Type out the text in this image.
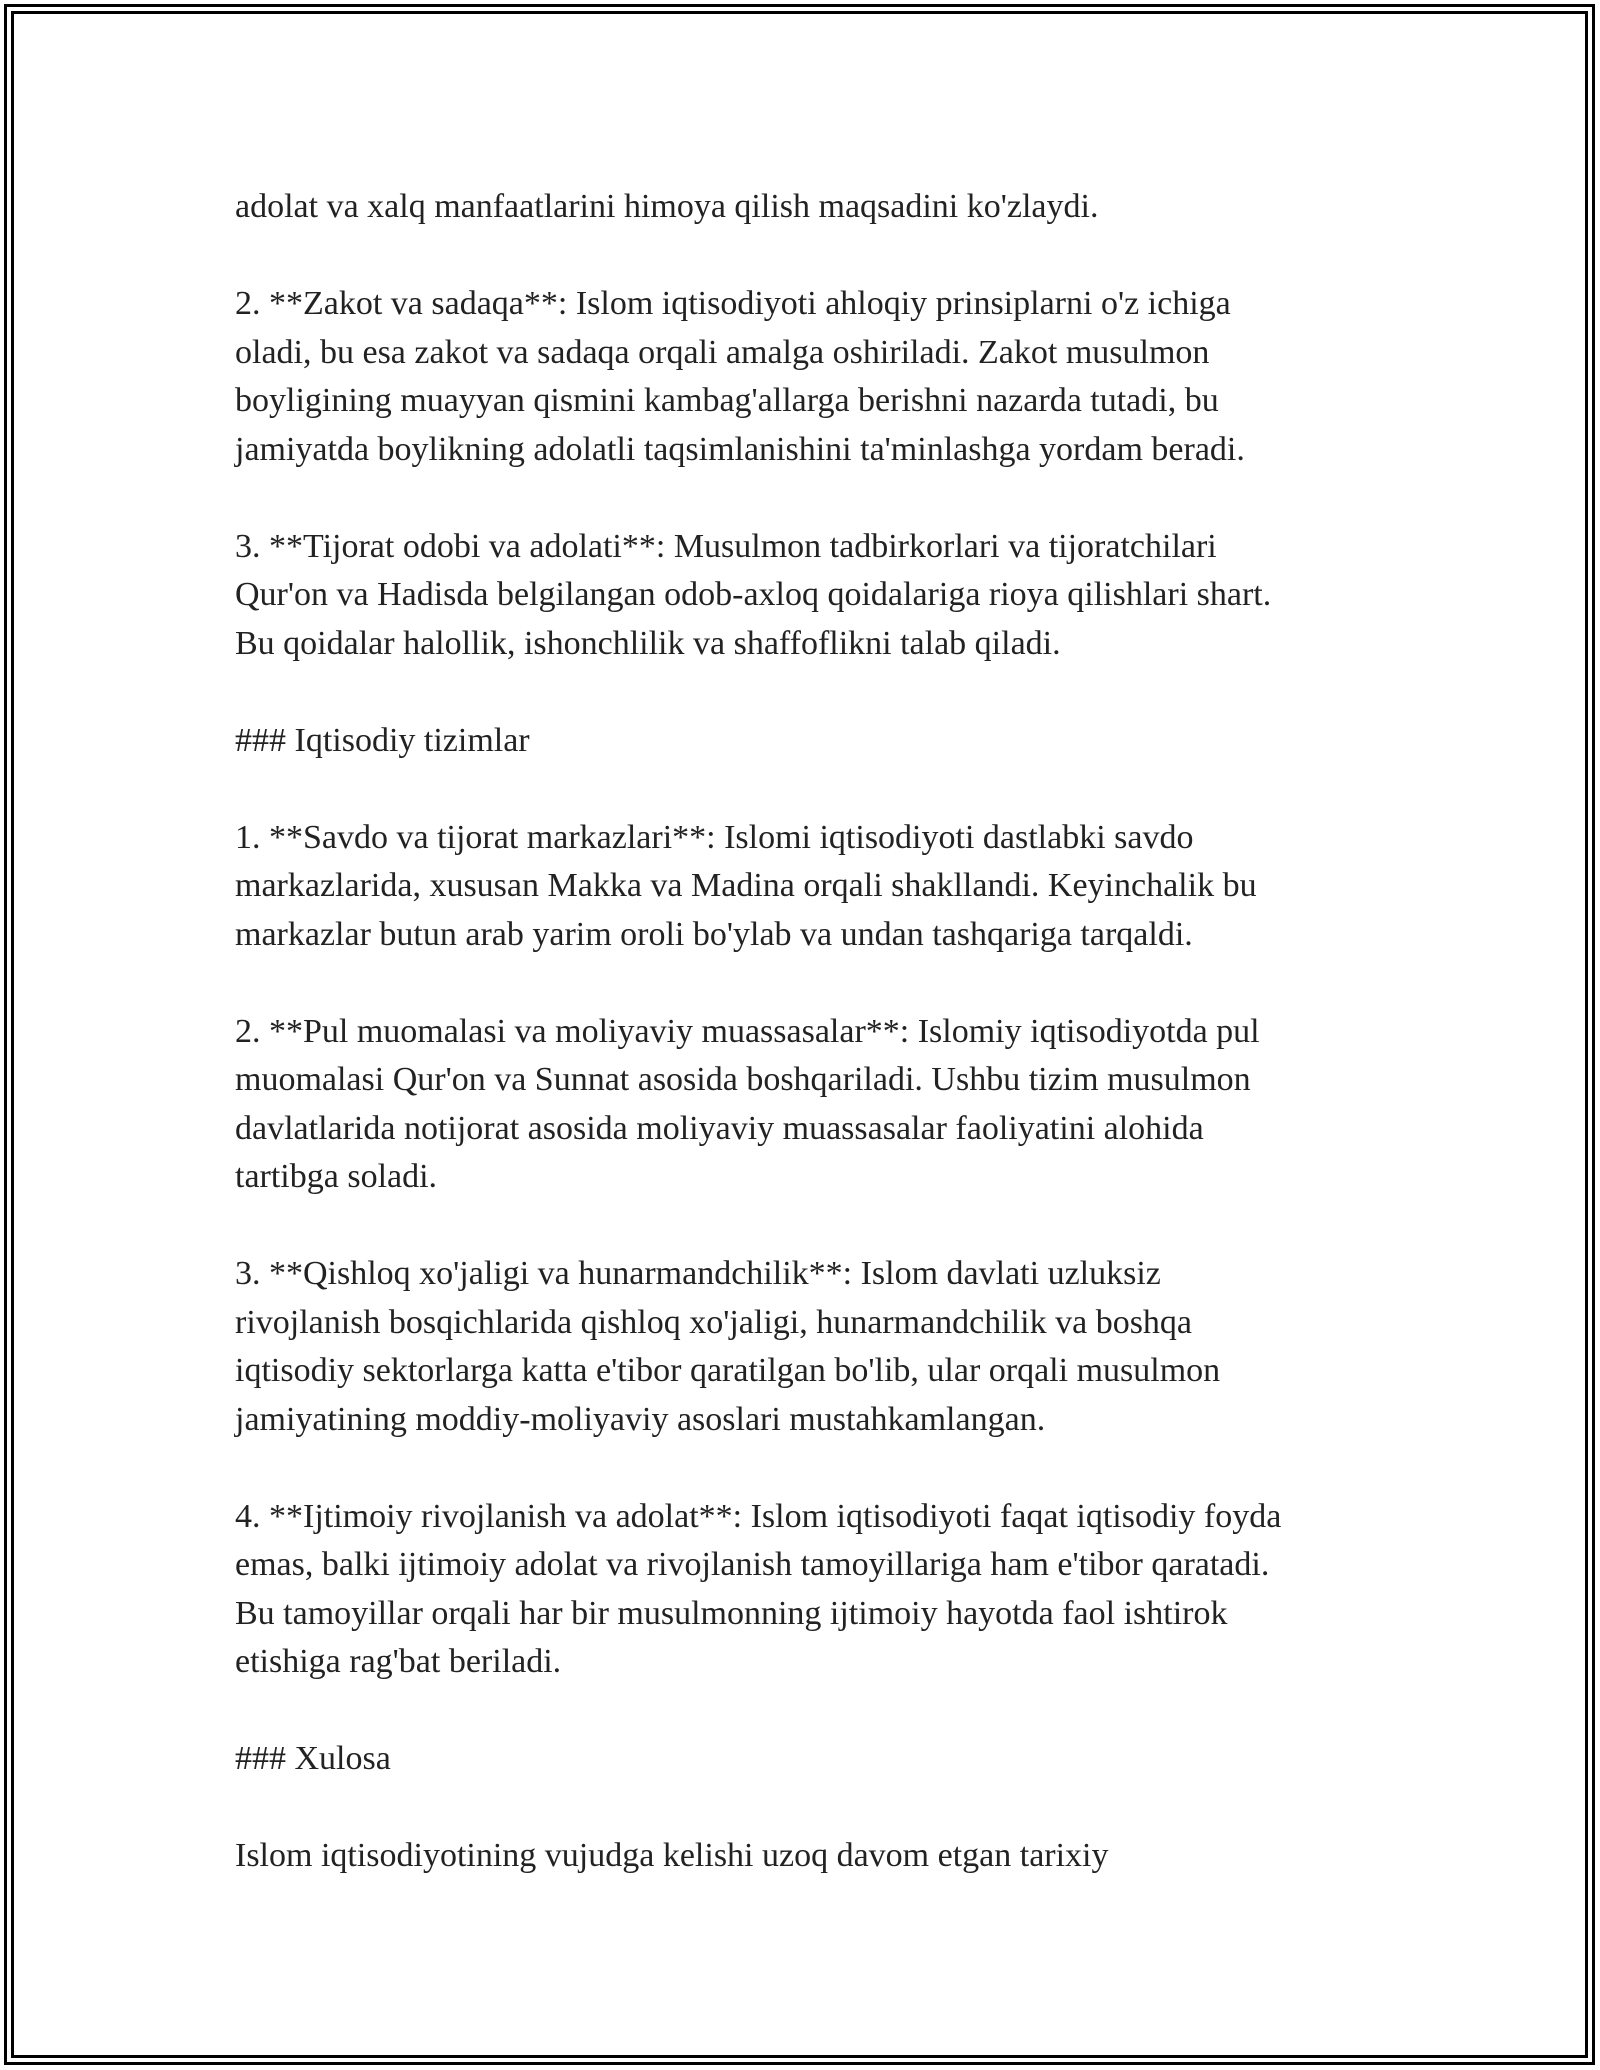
adolat va xalq manfaatlarini himoya qilish maqsadini ko'zlaydi.
2. **Zakot va sadaqa**: Islom iqtisodiyoti ahloqiy prinsiplarni o'z ichiga
oladi, bu esa zakot va sadaqa orqali amalga oshiriladi. Zakot musulmon
boyligining muayyan qismini kambag'allarga berishni nazarda tutadi, bu
jamiyatda boylikning adolatli taqsimlanishini ta'minlashga yordam beradi.
3. **Tijorat odobi va adolati**: Musulmon tadbirkorlari va tijoratchilari
Qur'on va Hadisda belgilangan odob-axloq qoidalariga rioya qilishlari shart.
Bu qoidalar halollik, ishonchlilik va shaffoflikni talab qiladi.
### Iqtisodiy tizimlar
1. **Savdo va tijorat markazlari**: Islomi iqtisodiyoti dastlabki savdo
markazlarida, xususan Makka va Madina orqali shakllandi. Keyinchalik bu
markazlar butun arab yarim oroli bo'ylab va undan tashqariga tarqaldi.
2. **Pul muomalasi va moliyaviy muassasalar**: Islomiy iqtisodiyotda pul
muomalasi Qur'on va Sunnat asosida boshqariladi. Ushbu tizim musulmon
davlatlarida notijorat asosida moliyaviy muassasalar faoliyatini alohida
tartibga soladi.
3. **Qishloq xo'jaligi va hunarmandchilik**: Islom davlati uzluksiz
rivojlanish bosqichlarida qishloq xo'jaligi, hunarmandchilik va boshqa
iqtisodiy sektorlarga katta e'tibor qaratilgan bo'lib, ular orqali musulmon
jamiyatining moddiy-moliyaviy asoslari mustahkamlangan.
4. **Ijtimoiy rivojlanish va adolat**: Islom iqtisodiyoti faqat iqtisodiy foyda
emas, balki ijtimoiy adolat va rivojlanish tamoyillariga ham e'tibor qaratadi.
Bu tamoyillar orqali har bir musulmonning ijtimoiy hayotda faol ishtirok
etishiga rag'bat beriladi.
### Xulosa
Islom iqtisodiyotining vujudga kelishi uzoq davom etgan tarixiy
